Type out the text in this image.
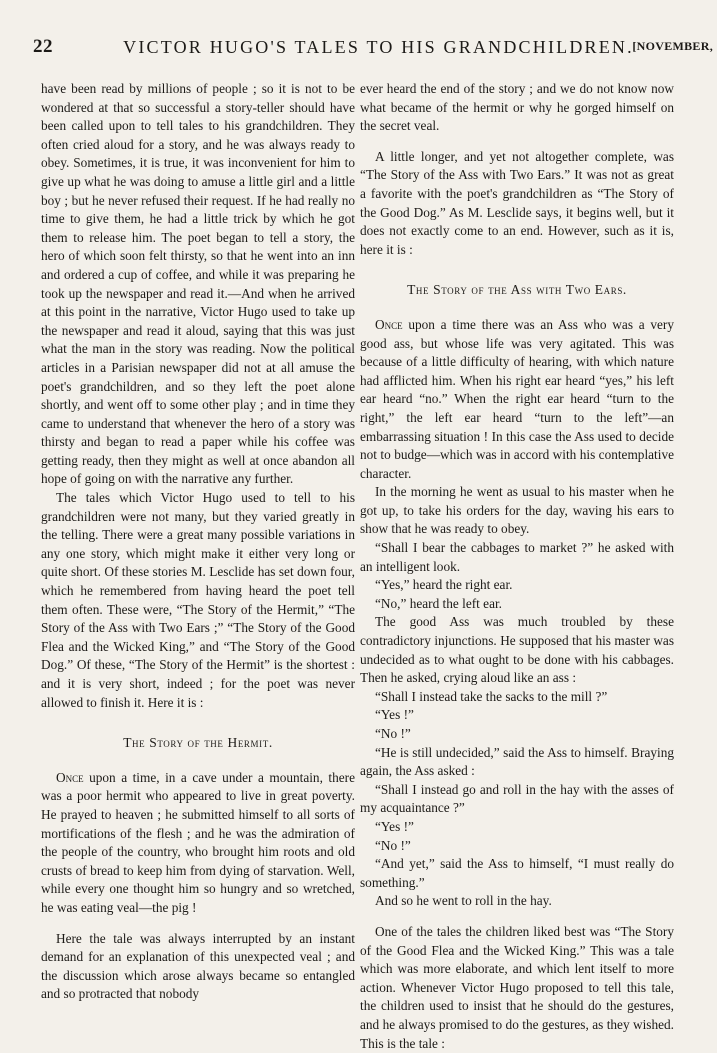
22	VICTOR HUGO'S TALES TO HIS GRANDCHILDREN.
[NOVEMBER,

have been read by millions of people ; so it is not to be wondered at that so successful a story-teller should have been called upon to tell tales to his grandchildren. They often cried aloud for a story, and he was always ready to obey. Sometimes, it is true, it was inconvenient for him to give up what he was doing to amuse a little girl and a little boy ; but he never refused their request. If he had really no time to give them, he had a little trick by which he got them to release him. The poet began to tell a story, the hero of which soon felt thirsty, so that he went into an inn and ordered a cup of coffee, and while it was preparing he took up the newspaper and read it.—And when he arrived at this point in the narrative, Victor Hugo used to take up the newspaper and read it aloud, saying that this was just what the man in the story was reading. Now the political articles in a Parisian newspaper did not at all amuse the poet's grandchildren, and so they left the poet alone shortly, and went off to some other play ; and in time they came to understand that whenever the hero of a story was thirsty and began to read a paper while his coffee was getting ready, then they might as well at once abandon all hope of going on with the narrative any further.

The tales which Victor Hugo used to tell to his grandchildren were not many, but they varied greatly in the telling. There were a great many possible variations in any one story, which might make it either very long or quite short. Of these stories M. Lesclide has set down four, which he remembered from having heard the poet tell them often. These were, “The Story of the Hermit,” “The Story of the Ass with Two Ears ;” “The Story of the Good Flea and the Wicked King,” and “The Story of the Good Dog.” Of these, “The Story of the Hermit” is the shortest : and it is very short, indeed ; for the poet was never allowed to finish it. Here it is :

The Story of the Hermit.

Once upon a time, in a cave under a mountain, there was a poor hermit who appeared to live in great poverty. He prayed to heaven ; he submitted himself to all sorts of mortifications of the flesh ; and he was the admiration of the people of the country, who brought him roots and old crusts of bread to keep him from dying of starvation. Well, while every one thought him so hungry and so wretched, he was eating veal—the pig !

Here the tale was always interrupted by an instant demand for an explanation of this unexpected veal ; and the discussion which arose always became so entangled and so protracted that nobody

ever heard the end of the story ; and we do not know now what became of the hermit or why he gorged himself on the secret veal.

A little longer, and yet not altogether complete, was “The Story of the Ass with Two Ears.” It was not as great a favorite with the poet's grandchildren as “The Story of the Good Dog.” As M. Lesclide says, it begins well, but it does not exactly come to an end. However, such as it is, here it is :

The Story of the Ass with Two Ears.

Once upon a time there was an Ass who was a very good ass, but whose life was very agitated. This was because of a little difficulty of hearing, with which nature had afflicted him. When his right ear heard “yes,” his left ear heard “no.” When the right ear heard “turn to the right,” the left ear heard “turn to the left”—an embarrassing situation ! In this case the Ass used to decide not to budge—which was in accord with his contemplative character.

In the morning he went as usual to his master when he got up, to take his orders for the day, waving his ears to show that he was ready to obey.

“Shall I bear the cabbages to market ?” he asked with an intelligent look.

“Yes,” heard the right ear.

“No,” heard the left ear.

The good Ass was much troubled by these contradictory injunctions. He supposed that his master was undecided as to what ought to be done with his cabbages. Then he asked, crying aloud like an ass :

“Shall I instead take the sacks to the mill ?”

“Yes !”

“No !”

“He is still undecided,” said the Ass to himself. Braying again, the Ass asked :

“Shall I instead go and roll in the hay with the asses of my acquaintance ?”

“Yes !”

“No !”

“And yet,” said the Ass to himself, “I must really do something.”

And so he went to roll in the hay.

One of the tales the children liked best was “The Story of the Good Flea and the Wicked King.” This was a tale which was more elaborate, and which lent itself to more action. Whenever Victor Hugo proposed to tell this tale, the children used to insist that he should do the gestures, and he always promised to do the gestures, as they wished. This is the tale :
